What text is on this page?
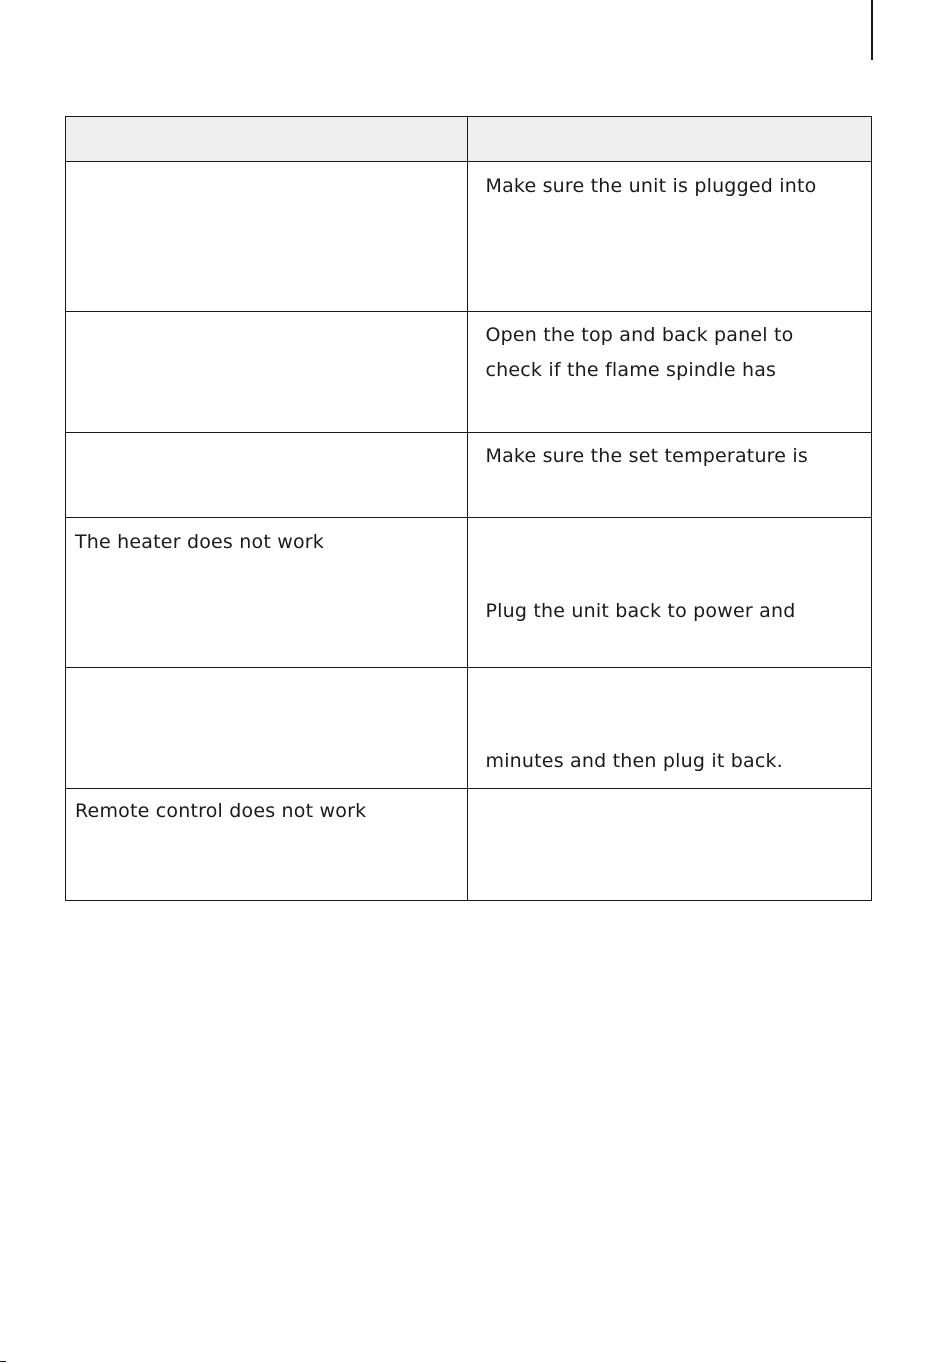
	Make sure the unit is plugged into

	Open the top and back panel to
check if the flame spindle has

	Make sure the set temperature is

The heater does not work	Plug the unit back to power and

	minutes and then plug it back.

Remote control does not work	
